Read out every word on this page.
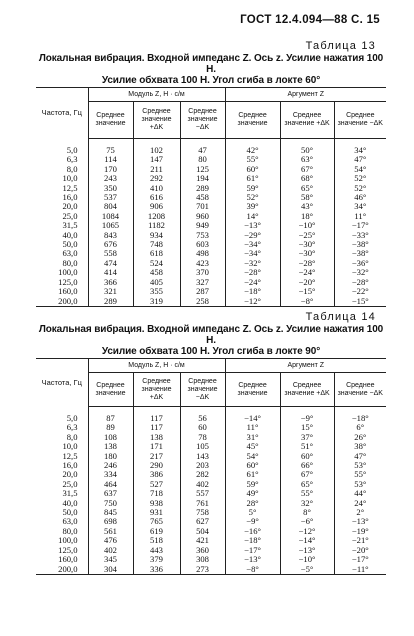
ГОСТ 12.4.094—88 С. 15
Таблица 13
Локальная вибрация. Входной импеданс Z. Ось z. Усилие нажатия 100 Н.
Усилие обхвата 100 Н. Угол сгиба в локте 60°
Частота, Гц	Модуль Z, Н · с/м			Аргумент Z		
	Среднее значение	Среднее значение +ΔK	Среднее значение −ΔK	Среднее значение	Среднее значение +ΔK	Среднее значение −ΔK
5,0	75	102	47	42°	50°	34°
6,3	114	147	80	55°	63°	47°
8,0	170	211	125	60°	67°	54°
10,0	243	292	194	61°	68°	52°
12,5	350	410	289	59°	65°	52°
16,0	537	616	458	52°	58°	46°
20,0	804	906	701	39°	43°	34°
25,0	1084	1208	960	14°	18°	11°
31,5	1065	1182	949	−13°	−10°	−17°
40,0	843	934	753	−29°	−25°	−33°
50,0	676	748	603	−34°	−30°	−38°
63,0	558	618	498	−34°	−30°	−38°
80,0	474	524	423	−32°	−28°	−36°
100,0	414	458	370	−28°	−24°	−32°
125,0	366	405	327	−24°	−20°	−28°
160,0	321	355	287	−18°	−15°	−22°
200,0	289	319	258	−12°	−8°	−15°
Таблица 14
Локальная вибрация. Входной импеданс Z. Ось z. Усилие нажатия 100 Н.
Усилие обхвата 100 Н. Угол сгиба в локте 90°
Частота, Гц	Модуль Z, Н · с/м			Аргумент Z		
	Среднее значение	Среднее значение +ΔK	Среднее значение −ΔK	Среднее значение	Среднее значение +ΔK	Среднее значение −ΔK
5,0	87	117	56	−14°	−9°	−18°
6,3	89	117	60	11°	15°	6°
8,0	108	138	78	31°	37°	26°
10,0	138	171	105	45°	51°	38°
12,5	180	217	143	54°	60°	47°
16,0	246	290	203	60°	66°	53°
20,0	334	386	282	61°	67°	55°
25,0	464	527	402	59°	65°	53°
31,5	637	718	557	49°	55°	44°
40,0	750	938	761	28°	32°	24°
50,0	845	931	758	5°	8°	2°
63,0	698	765	627	−9°	−6°	−13°
80,0	561	619	504	−16°	−12°	−19°
100,0	476	518	421	−18°	−14°	−21°
125,0	402	443	360	−17°	−13°	−20°
160,0	345	379	308	−13°	−10°	−17°
200,0	304	336	273	−8°	−5°	−11°
